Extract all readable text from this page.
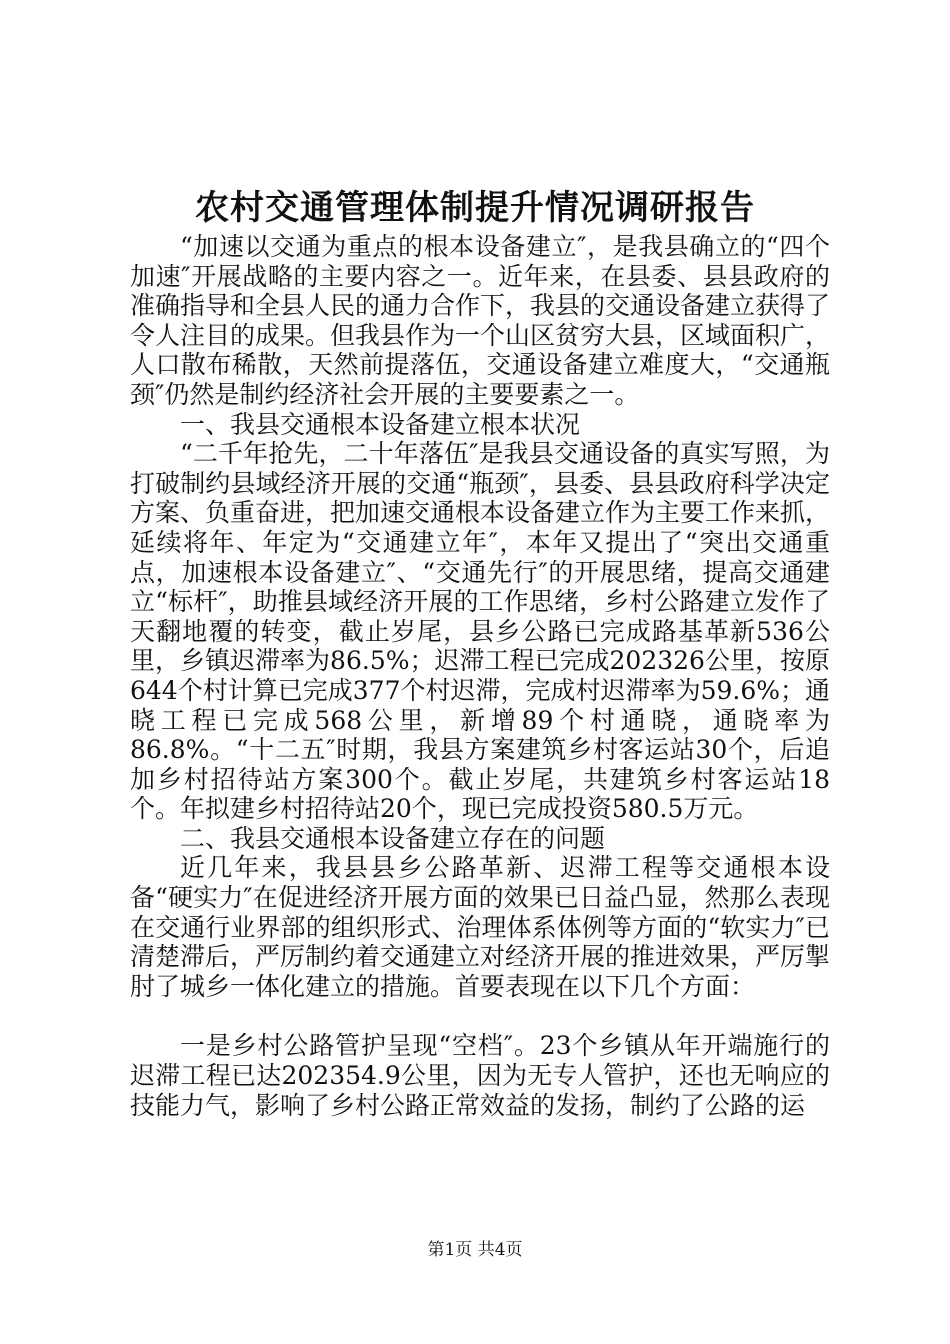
农村交通管理体制提升情况调研报告

“加速以交通为重点的根本设备建立″，是我县确立的“四个加速″开展战略的主要内容之一。近年来，在县委、县县政府的准确指导和全县人民的通力合作下，我县的交通设备建立获得了令人注目的成果。但我县作为一个山区贫穷大县，区域面积广，人口散布稀散，天然前提落伍，交通设备建立难度大，“交通瓶颈″仍然是制约经济社会开展的主要要素之一。

一、我县交通根本设备建立根本状况

“二千年抢先，二十年落伍″是我县交通设备的真实写照，为打破制约县域经济开展的交通“瓶颈″，县委、县县政府科学决定方案、负重奋进，把加速交通根本设备建立作为主要工作来抓，延续将年、年定为“交通建立年″，本年又提出了“突出交通重点，加速根本设备建立″、“交通先行″的开展思绪，提高交通建立“标杆″，助推县域经济开展的工作思绪，乡村公路建立发作了天翻地覆的转变，截止岁尾，县乡公路已完成路基革新536公里，乡镇迟滞率为86.5%；迟滞工程已完成202326公里，按原644个村计算已完成377个村迟滞，完成村迟滞率为59.6%；通晓工程已完成568公里，新增89个村通晓，通晓率为86.8%。“十二五″时期，我县方案建筑乡村客运站30个，后追加乡村招待站方案300个。截止岁尾，共建筑乡村客运站18个。年拟建乡村招待站20个，现已完成投资580.5万元。

二、我县交通根本设备建立存在的问题

近几年来，我县县乡公路革新、迟滞工程等交通根本设备“硬实力″在促进经济开展方面的效果已日益凸显，然那么表现在交通行业界部的组织形式、治理体系体例等方面的“软实力″已清楚滞后，严厉制约着交通建立对经济开展的推进效果，严厉掣肘了城乡一体化建立的措施。首要表现在以下几个方面：

一是乡村公路管护呈现“空档″。23个乡镇从年开端施行的迟滞工程已达202354.9公里，因为无专人管护，还也无响应的技能力气，影响了乡村公路正常效益的发扬，制约了公路的运

第1页 共4页
